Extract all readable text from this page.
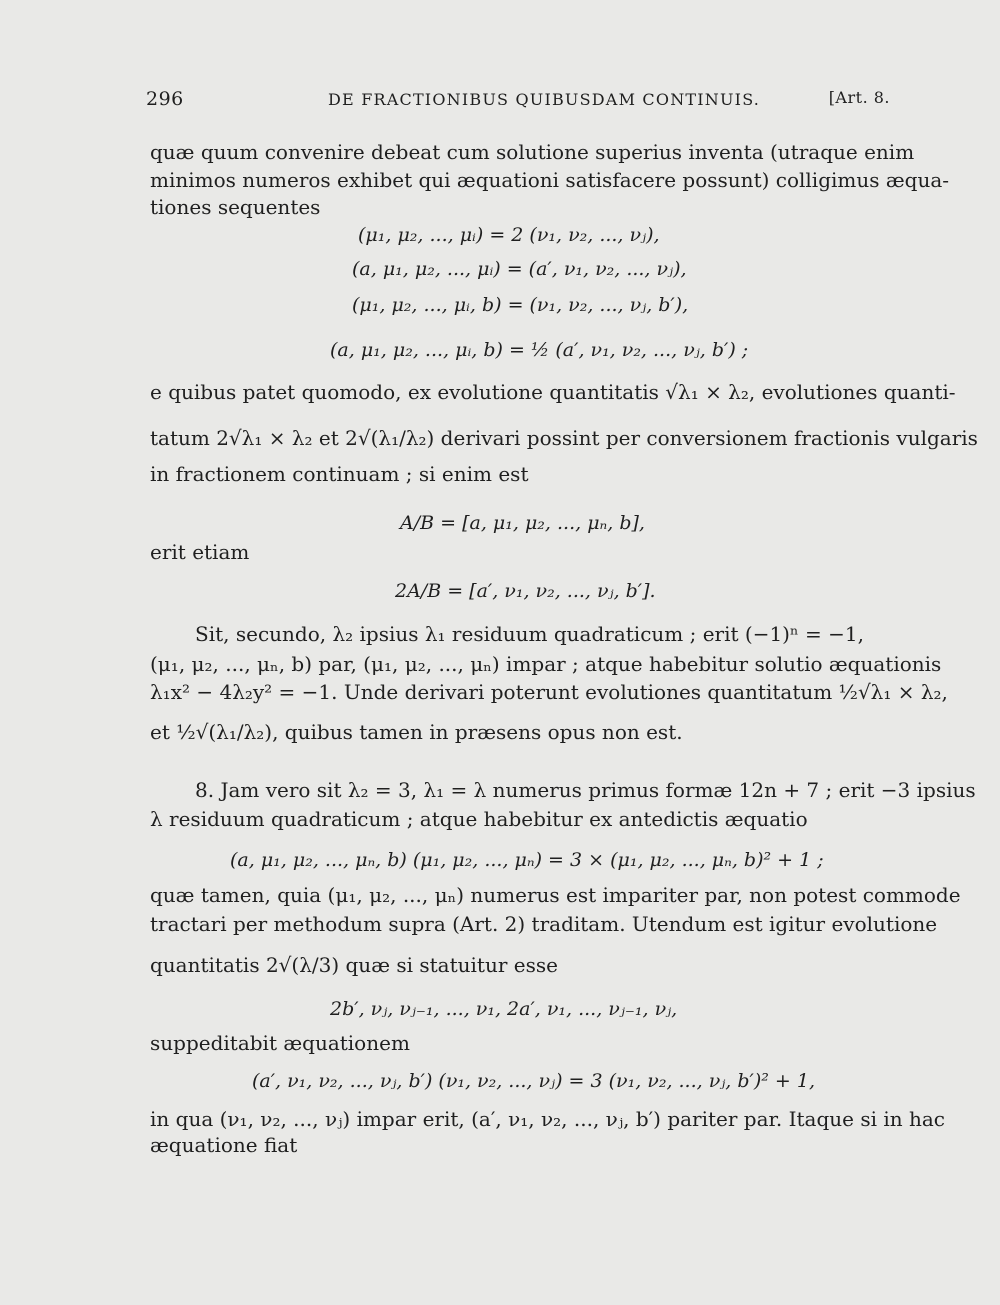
296	DE FRACTIONIBUS QUIBUSDAM CONTINUIS.	[Art. 8.
quæ quum convenire debeat cum solutione superius inventa (utraque enim
minimos numeros exhibet qui æquationi satisfacere possunt) colligimus æqua-
tiones sequentes
(μ₁, μ₂, ..., μᵢ) = 2 (ν₁, ν₂, ..., νⱼ),
(a, μ₁, μ₂, ..., μᵢ) = (a′, ν₁, ν₂, ..., νⱼ),
(μ₁, μ₂, ..., μᵢ, b) = (ν₁, ν₂, ..., νⱼ, b′),
(a, μ₁, μ₂, ..., μᵢ, b) = ½ (a′, ν₁, ν₂, ..., νⱼ, b′) ;
e quibus patet quomodo, ex evolutione quantitatis √λ₁ × λ₂, evolutiones quanti-
tatum 2√λ₁ × λ₂ et 2√(λ₁/λ₂) derivari possint per conversionem fractionis vulgaris
in fractionem continuam ; si enim est
A/B = [a, μ₁, μ₂, ..., μₙ, b],
erit etiam
2A/B = [a′, ν₁, ν₂, ..., νⱼ, b′].
Sit, secundo, λ₂ ipsius λ₁ residuum quadraticum ; erit (−1)ⁿ = −1,
(μ₁, μ₂, ..., μₙ, b) par, (μ₁, μ₂, ..., μₙ) impar ; atque habebitur solutio æquationis
λ₁x² − 4λ₂y² = −1. Unde derivari poterunt evolutiones quantitatum ½√λ₁ × λ₂,
et ½√(λ₁/λ₂), quibus tamen in præsens opus non est.
8. Jam vero sit λ₂ = 3, λ₁ = λ numerus primus formæ 12n + 7 ; erit −3 ipsius
λ residuum quadraticum ; atque habebitur ex antedictis æquatio
(a, μ₁, μ₂, ..., μₙ, b) (μ₁, μ₂, ..., μₙ) = 3 × (μ₁, μ₂, ..., μₙ, b)² + 1 ;
quæ tamen, quia (μ₁, μ₂, ..., μₙ) numerus est impariter par, non potest commode
tractari per methodum supra (Art. 2) traditam. Utendum est igitur evolutione
quantitatis 2√(λ/3) quæ si statuitur esse
2b′, νⱼ, νⱼ₋₁, ..., ν₁, 2a′, ν₁, ..., νⱼ₋₁, νⱼ,
suppeditabit æquationem
(a′, ν₁, ν₂, ..., νⱼ, b′) (ν₁, ν₂, ..., νⱼ) = 3 (ν₁, ν₂, ..., νⱼ, b′)² + 1,
in qua (ν₁, ν₂, ..., νⱼ) impar erit, (a′, ν₁, ν₂, ..., νⱼ, b′) pariter par. Itaque si in hac
æquatione fiat
